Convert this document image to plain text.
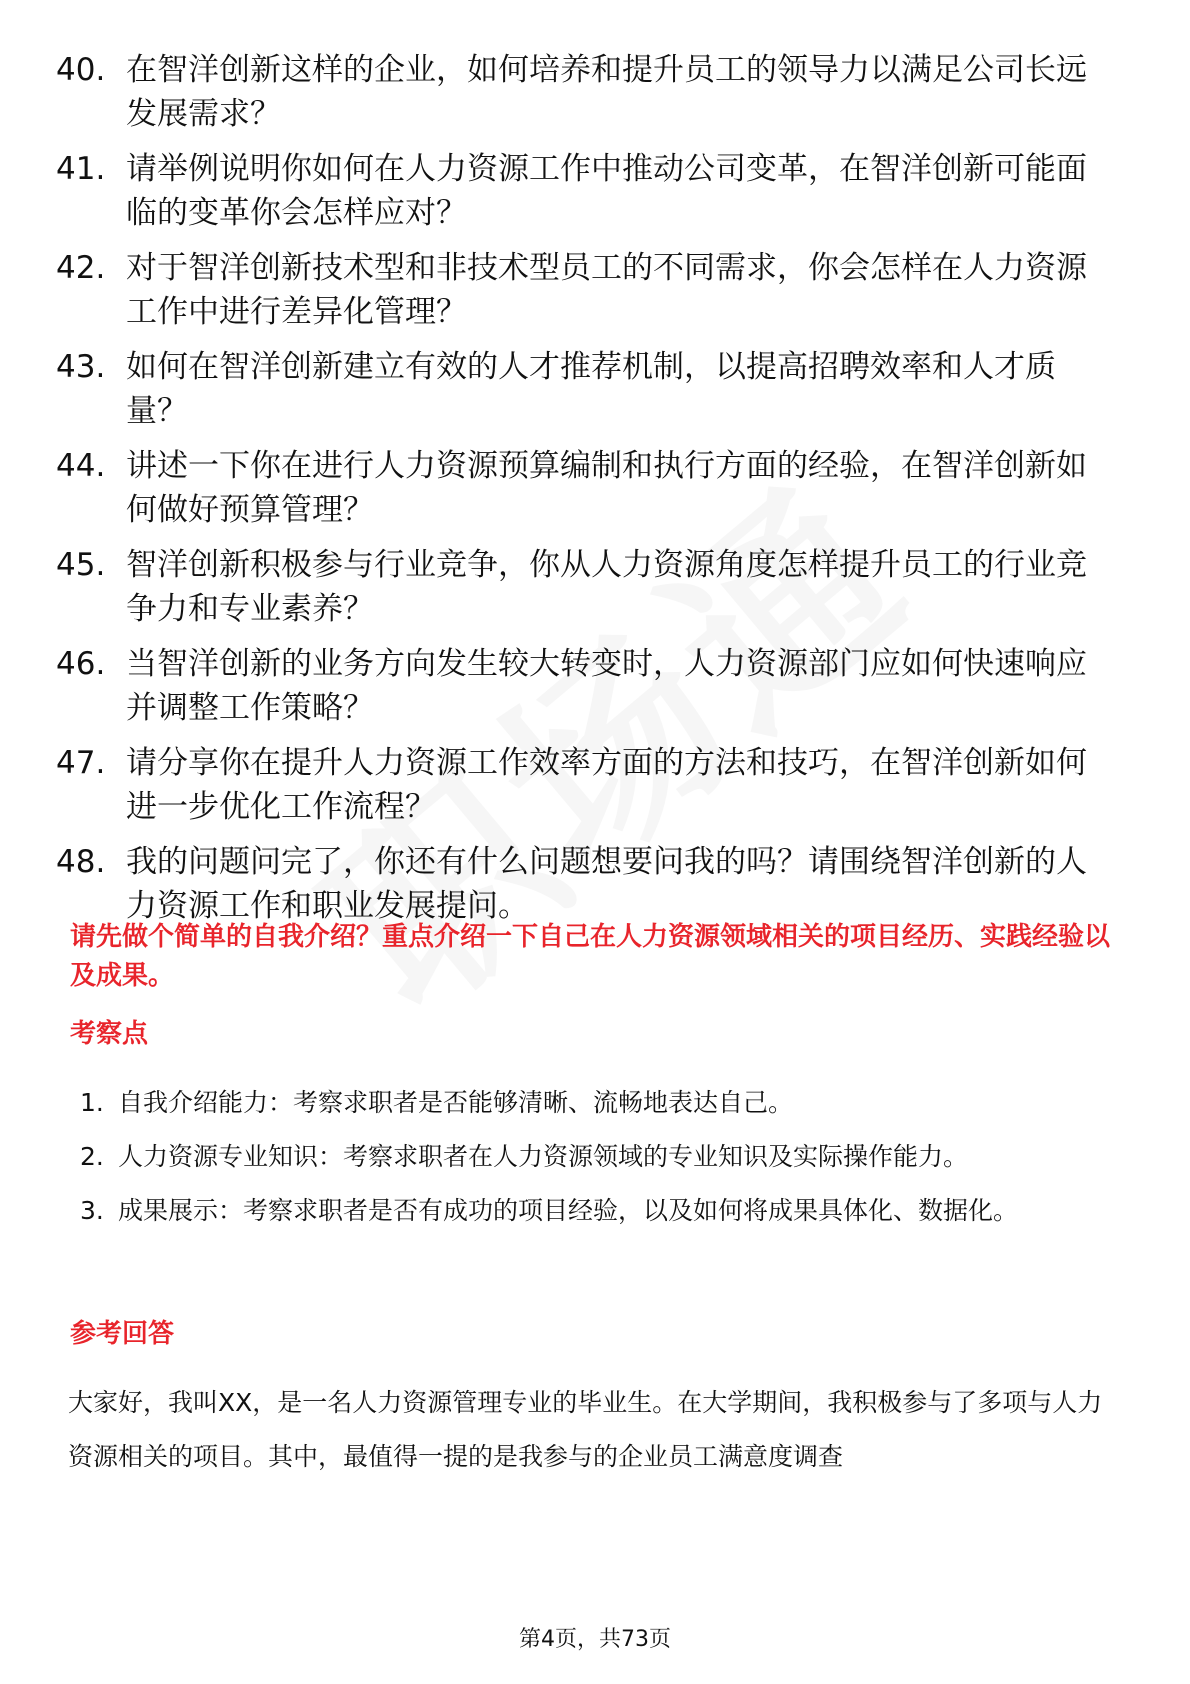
40. 在智洋创新这样的企业，如何培养和提升员工的领导力以满足公司长远发展需求？
41. 请举例说明你如何在人力资源工作中推动公司变革，在智洋创新可能面临的变革你会怎样应对？
42. 对于智洋创新技术型和非技术型员工的不同需求，你会怎样在人力资源工作中进行差异化管理？
43. 如何在智洋创新建立有效的人才推荐机制，以提高招聘效率和人才质量？
44. 讲述一下你在进行人力资源预算编制和执行方面的经验，在智洋创新如何做好预算管理？
45. 智洋创新积极参与行业竞争，你从人力资源角度怎样提升员工的行业竞争力和专业素养？
46. 当智洋创新的业务方向发生较大转变时，人力资源部门应如何快速响应并调整工作策略？
47. 请分享你在提升人力资源工作效率方面的方法和技巧，在智洋创新如何进一步优化工作流程？
48. 我的问题问完了，你还有什么问题想要问我的吗？请围绕智洋创新的人力资源工作和职业发展提问。
请先做个简单的自我介绍？重点介绍一下自己在人力资源领域相关的项目经历、实践经验以及成果。
考察点
1. 自我介绍能力：考察求职者是否能够清晰、流畅地表达自己。
2. 人力资源专业知识：考察求职者在人力资源领域的专业知识及实际操作能力。
3. 成果展示：考察求职者是否有成功的项目经验，以及如何将成果具体化、数据化。
参考回答
大家好，我叫XX，是一名人力资源管理专业的毕业生。在大学期间，我积极参与了多项与人力资源相关的项目。其中，最值得一提的是我参与的企业员工满意度调查
第4页，共73页
